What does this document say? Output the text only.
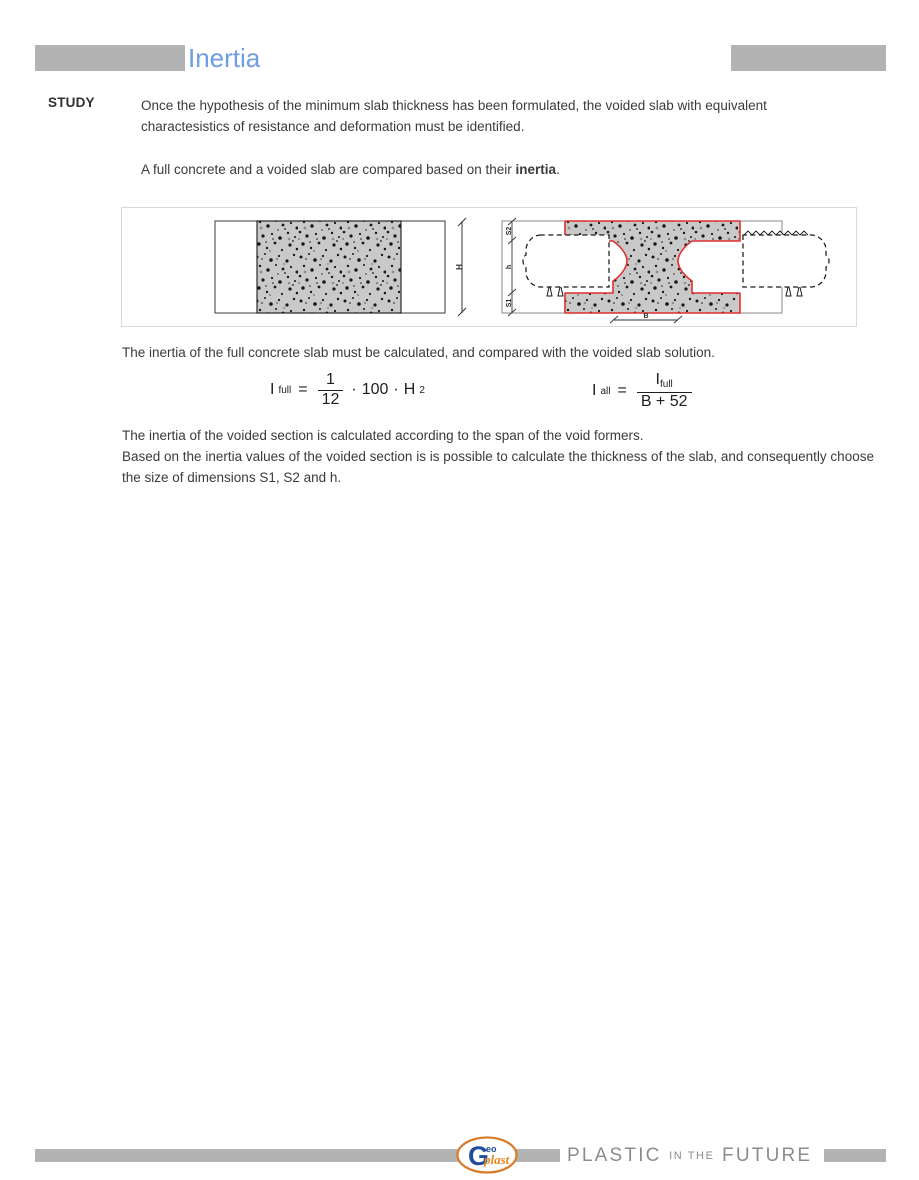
Inertia
STUDY	Once the hypothesis of the minimum slab thickness has been formulated, the voided slab with equivalent charactesistics of resistance and deformation must be identified.
A full concrete and a voided slab are compared based on their inertia.
H
S2
h
S1
B
The inertia of the full concrete slab must be calculated, and compared with the voided slab solution.
I full = $\frac{1}{12} \cdot 100 \cdot H$ 2	I all = $\frac{\text{Ifull}}{B + 52}$
The inertia of the voided section is calculated according to the span of the void formers.
Based on the inertia values of the voided section is is possible to calculate the thickness of the slab, and consequently choose the size of dimensions S1, S2 and h.
G
eo
plast	PLASTIC IN THE FUTURE
